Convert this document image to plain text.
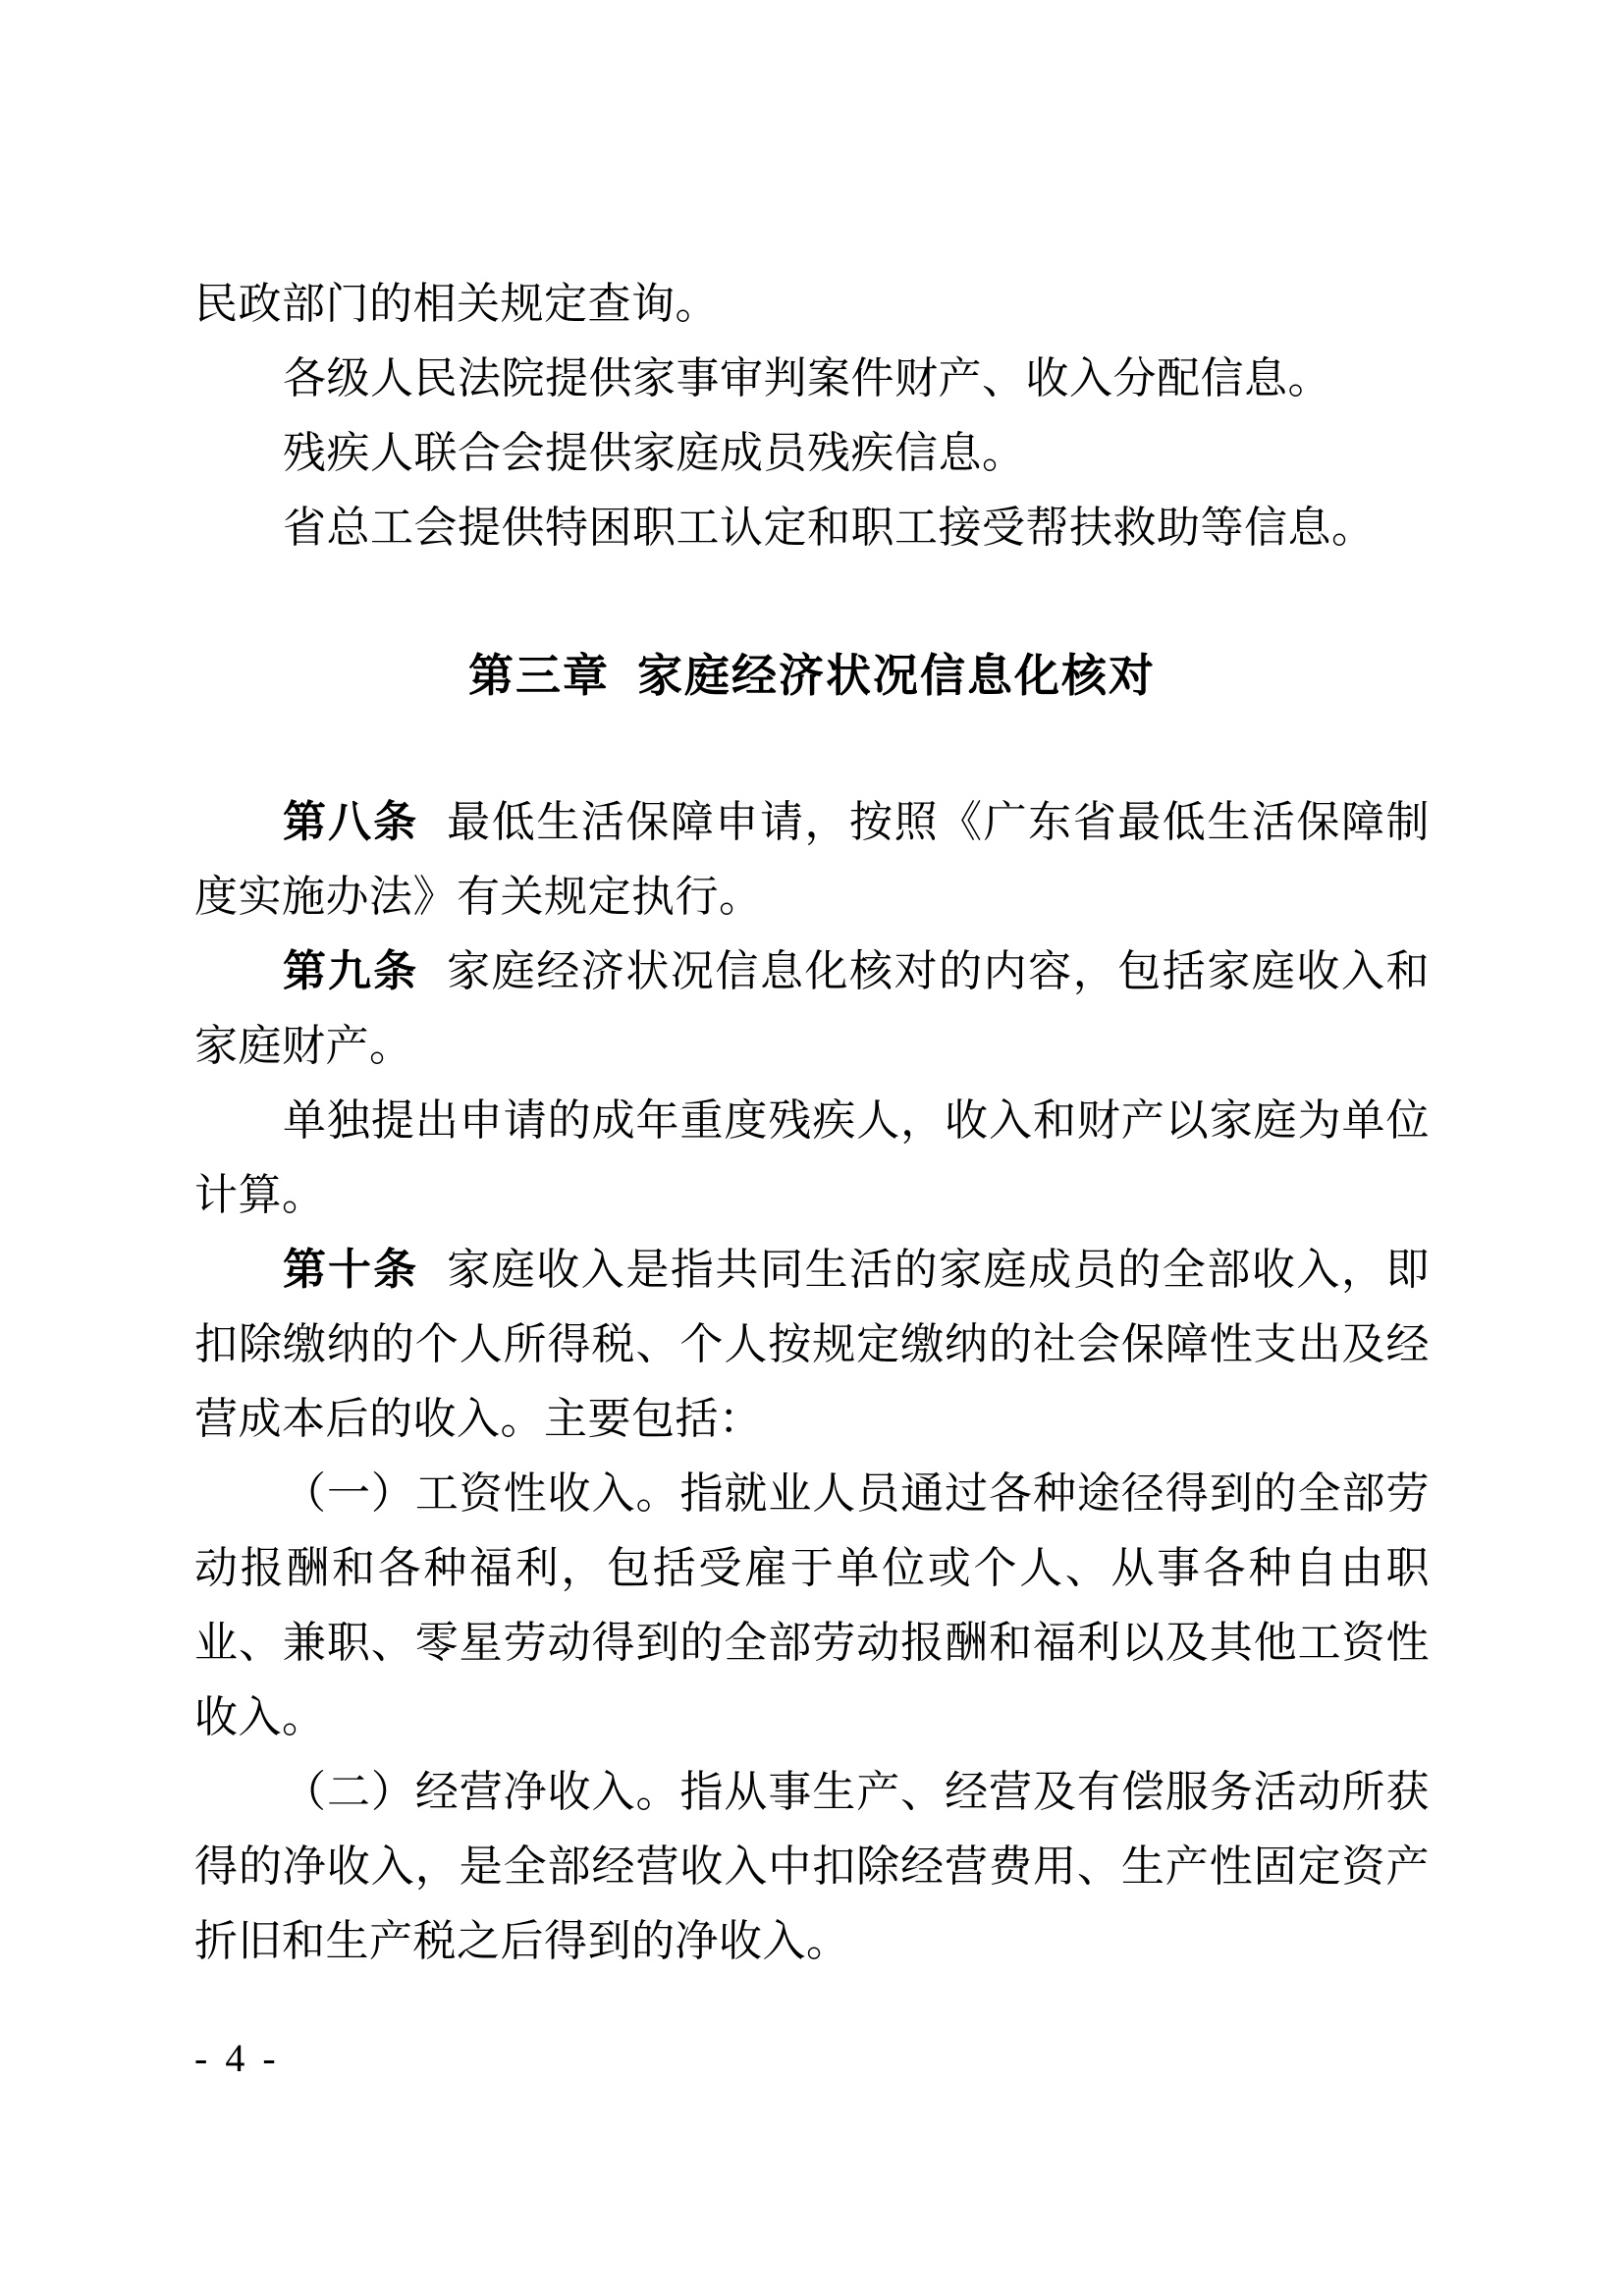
民政部门的相关规定查询。

各级人民法院提供家事审判案件财产、收入分配信息。

残疾人联合会提供家庭成员残疾信息。

省总工会提供特困职工认定和职工接受帮扶救助等信息。

第三章 家庭经济状况信息化核对

第八条 最低生活保障申请，按照《广东省最低生活保障制度实施办法》有关规定执行。

第九条 家庭经济状况信息化核对的内容，包括家庭收入和家庭财产。

单独提出申请的成年重度残疾人，收入和财产以家庭为单位计算。

第十条 家庭收入是指共同生活的家庭成员的全部收入，即扣除缴纳的个人所得税、个人按规定缴纳的社会保障性支出及经营成本后的收入。主要包括：

（一）工资性收入。指就业人员通过各种途径得到的全部劳动报酬和各种福利，包括受雇于单位或个人、从事各种自由职业、兼职、零星劳动得到的全部劳动报酬和福利以及其他工资性收入。

（二）经营净收入。指从事生产、经营及有偿服务活动所获得的净收入，是全部经营收入中扣除经营费用、生产性固定资产折旧和生产税之后得到的净收入。

- 4 -
